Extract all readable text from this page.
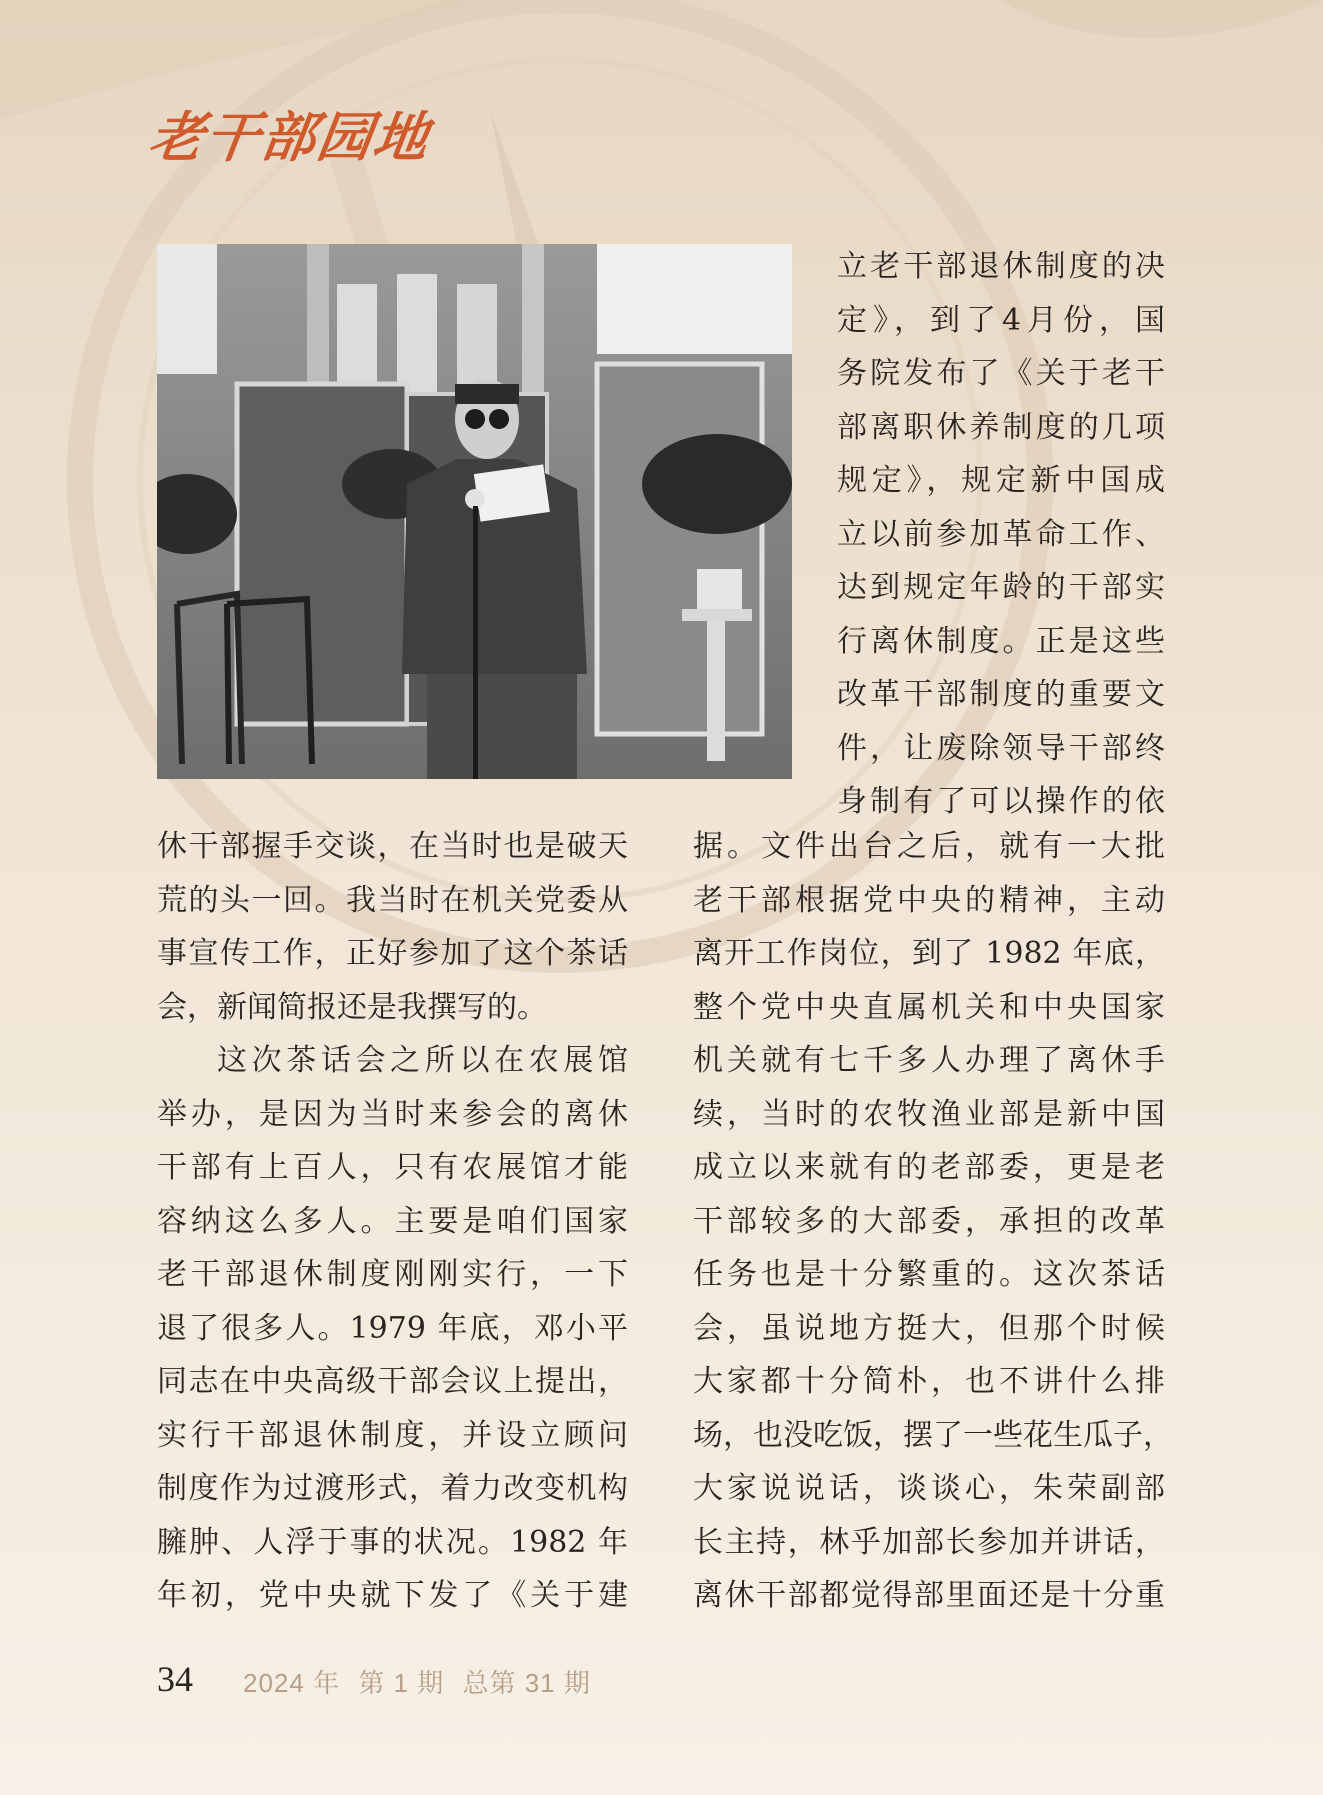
老干部园地
立老干部退休制度的决
定》，到了4月份，国
务院发布了《关于老干
部离职休养制度的几项
规定》，规定新中国成
立以前参加革命工作、
达到规定年龄的干部实
行离休制度。正是这些
改革干部制度的重要文
件，让废除领导干部终
身制有了可以操作的依
休干部握手交谈，在当时也是破天
荒的头一回。我当时在机关党委从
事宣传工作，正好参加了这个茶话
会，新闻简报还是我撰写的。
这次茶话会之所以在农展馆
举办，是因为当时来参会的离休
干部有上百人，只有农展馆才能
容纳这么多人。主要是咱们国家
老干部退休制度刚刚实行，一下
退了很多人。1979 年底，邓小平
同志在中央高级干部会议上提出，
实行干部退休制度，并设立顾问
制度作为过渡形式，着力改变机构
臃肿、人浮于事的状况。1982 年
年初，党中央就下发了《关于建
据。文件出台之后，就有一大批
老干部根据党中央的精神，主动
离开工作岗位，到了 1982 年底，
整个党中央直属机关和中央国家
机关就有七千多人办理了离休手
续，当时的农牧渔业部是新中国
成立以来就有的老部委，更是老
干部较多的大部委，承担的改革
任务也是十分繁重的。这次茶话
会，虽说地方挺大，但那个时候
大家都十分简朴，也不讲什么排
场，也没吃饭，摆了一些花生瓜子，
大家说说话，谈谈心，朱荣副部
长主持，林乎加部长参加并讲话，
离休干部都觉得部里面还是十分重
34 2024 年 第 1 期 总第 31 期
